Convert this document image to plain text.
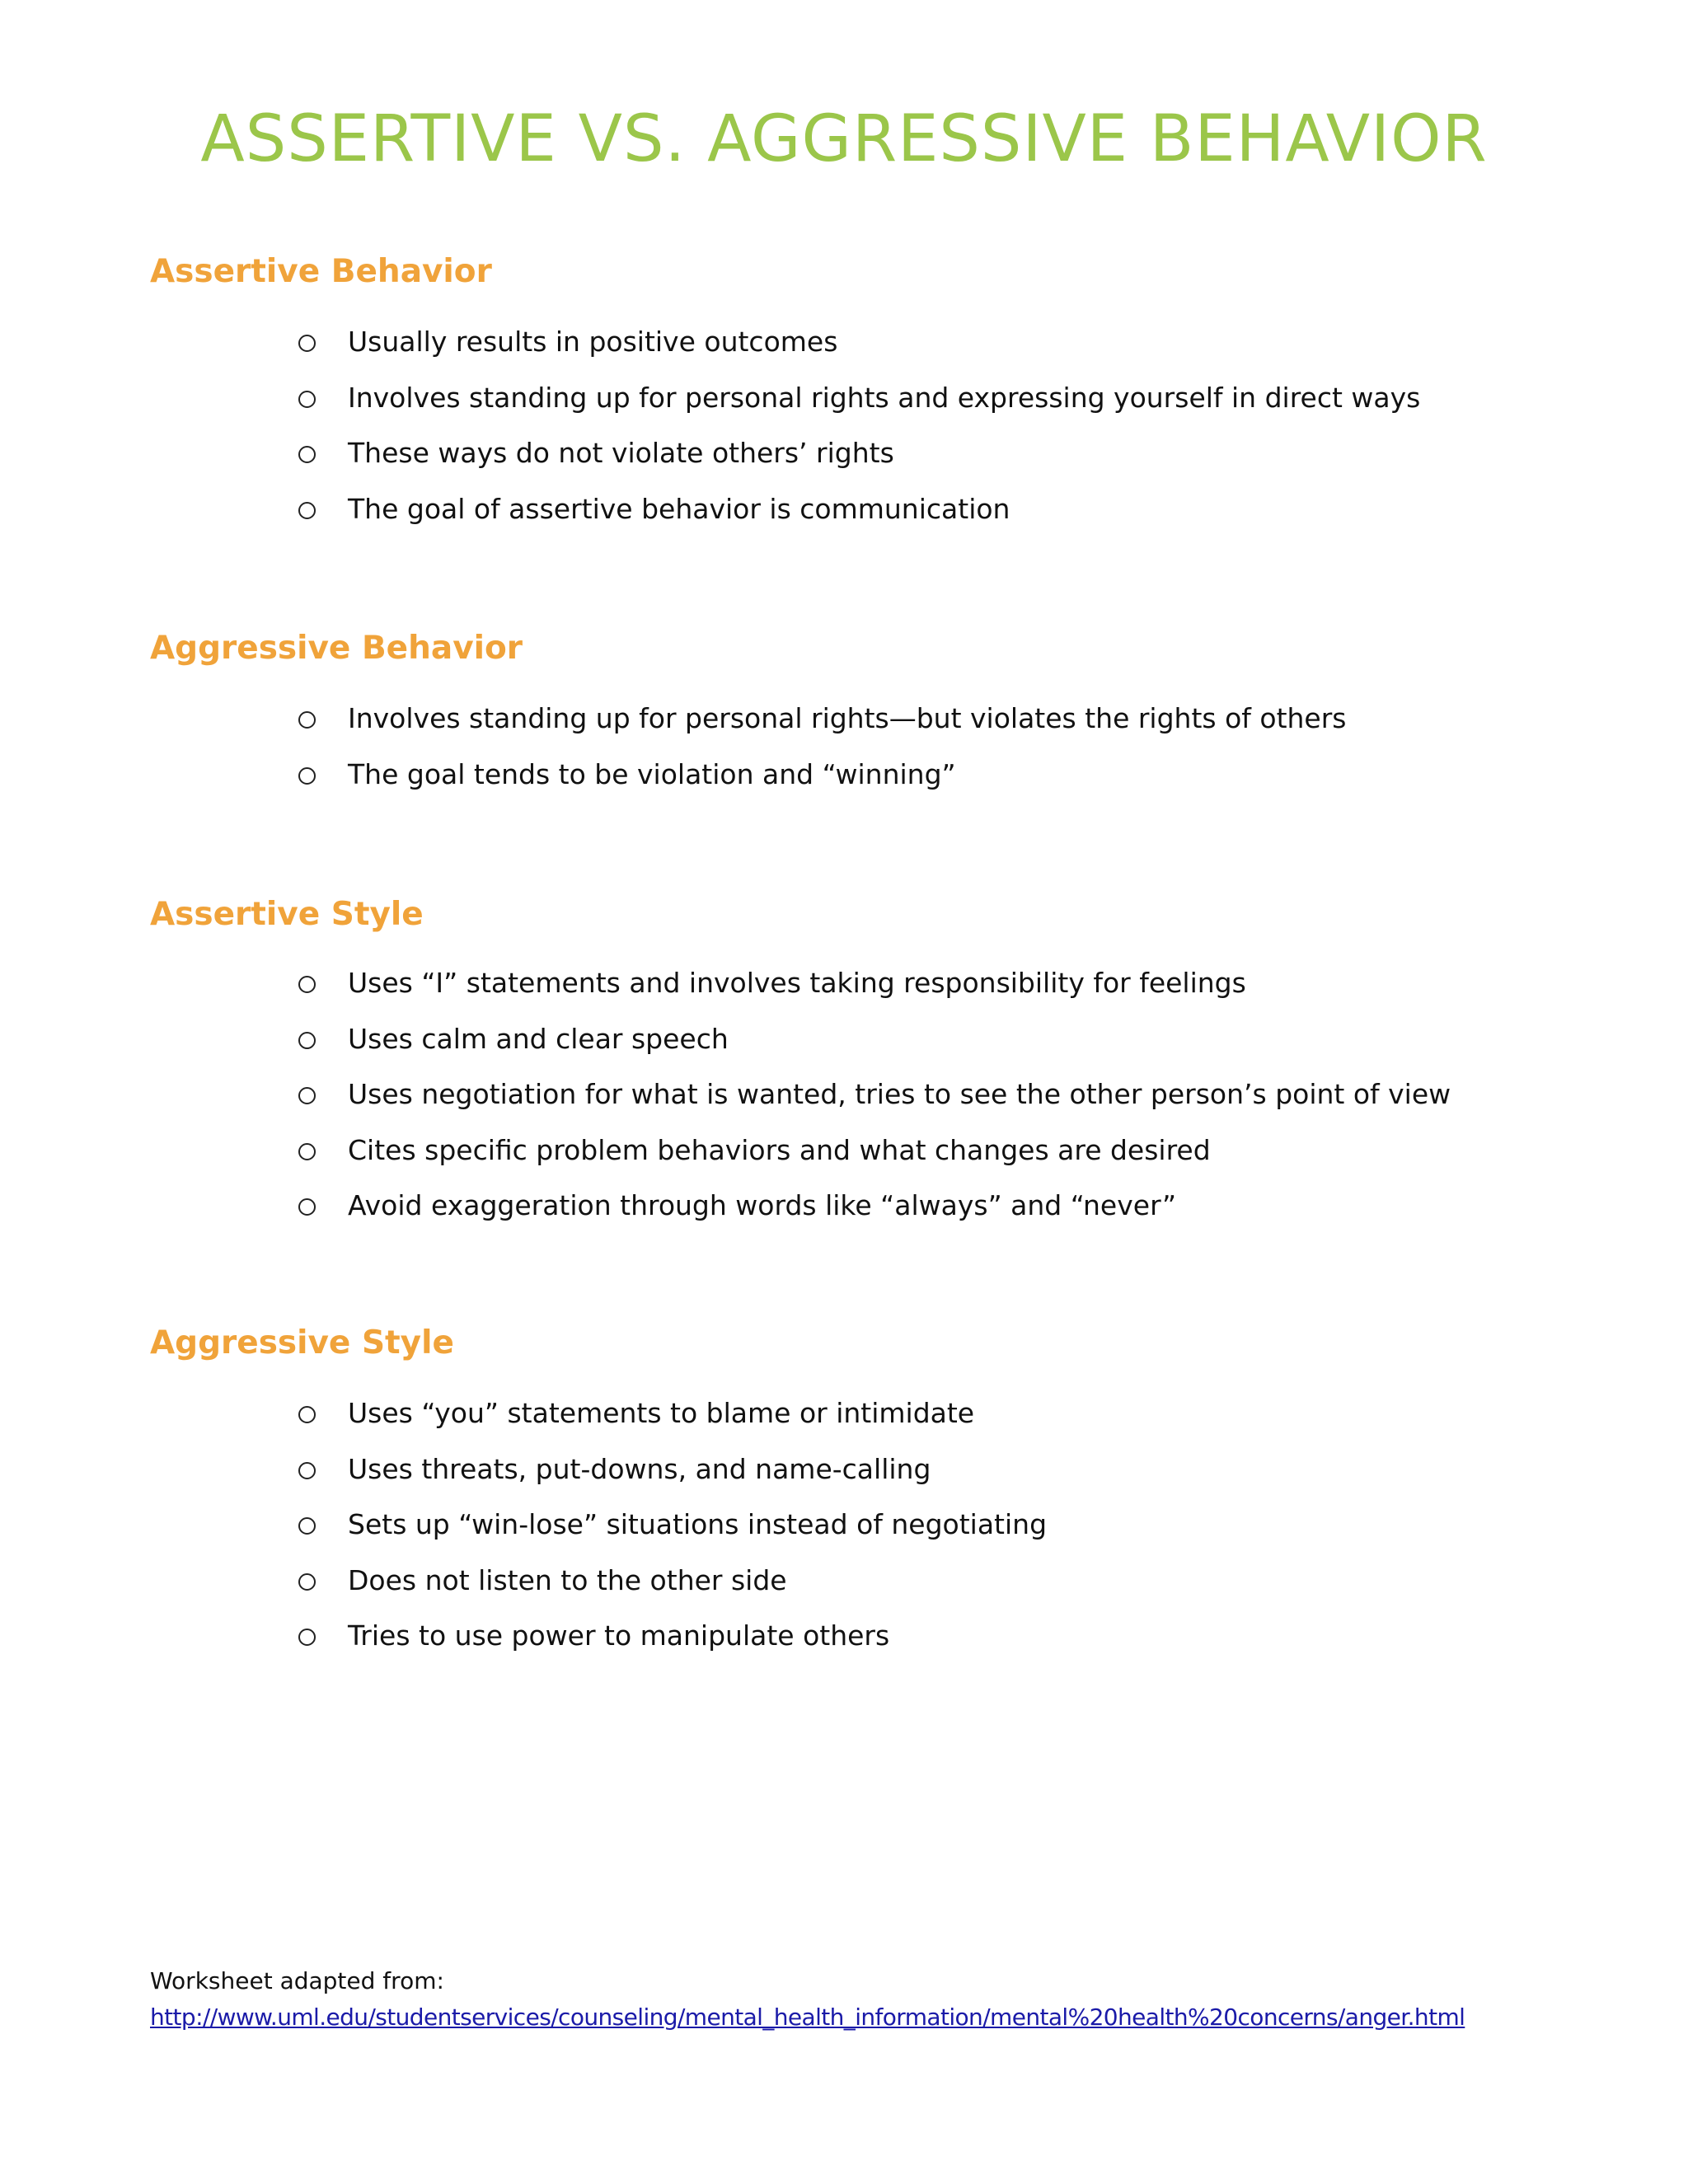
ASSERTIVE VS. AGGRESSIVE BEHAVIOR
Assertive Behavior
Usually results in positive outcomes
Involves standing up for personal rights and expressing yourself in direct ways
These ways do not violate others’ rights
The goal of assertive behavior is communication
Aggressive Behavior
Involves standing up for personal rights—but violates the rights of others
The goal tends to be violation and “winning”
Assertive Style
Uses “I” statements and involves taking responsibility for feelings
Uses calm and clear speech
Uses negotiation for what is wanted, tries to see the other person’s point of view
Cites specific problem behaviors and what changes are desired
Avoid exaggeration through words like “always” and “never”
Aggressive Style
Uses “you” statements to blame or intimidate
Uses threats, put-downs, and name-calling
Sets up “win-lose” situations instead of negotiating
Does not listen to the other side
Tries to use power to manipulate others
Worksheet adapted from:
http://www.uml.edu/studentservices/counseling/mental_health_information/mental%20health%20concerns/anger.html
